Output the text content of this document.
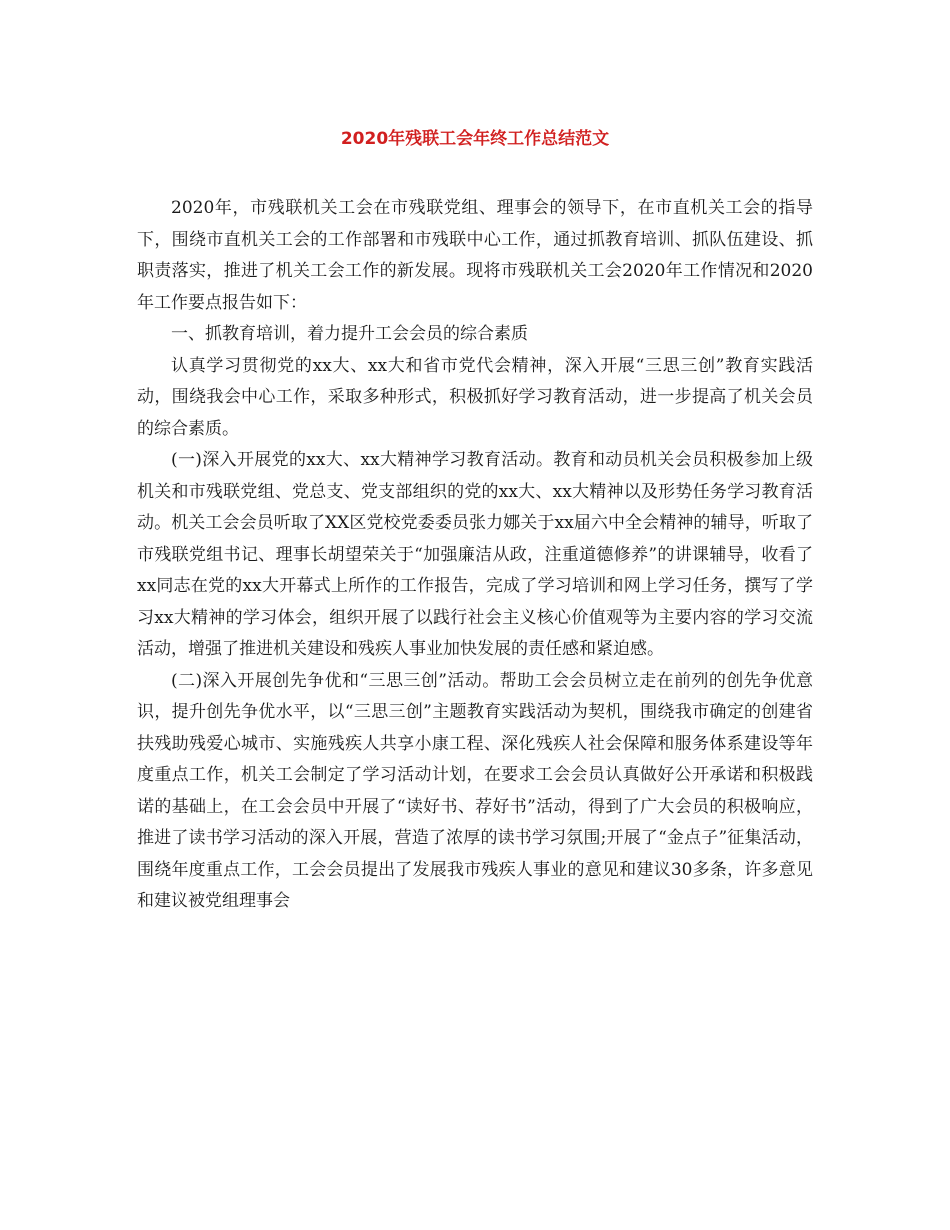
2020年残联工会年终工作总结范文

2020年，市残联机关工会在市残联党组、理事会的领导下，在市直机关工会的指导下，围绕市直机关工会的工作部署和市残联中心工作，通过抓教育培训、抓队伍建设、抓职责落实，推进了机关工会工作的新发展。现将市残联机关工会2020年工作情况和2020年工作要点报告如下：

一、抓教育培训，着力提升工会会员的综合素质

认真学习贯彻党的xx大、xx大和省市党代会精神，深入开展“三思三创”教育实践活动，围绕我会中心工作，采取多种形式，积极抓好学习教育活动，进一步提高了机关会员的综合素质。

(一)深入开展党的xx大、xx大精神学习教育活动。教育和动员机关会员积极参加上级机关和市残联党组、党总支、党支部组织的党的xx大、xx大精神以及形势任务学习教育活动。机关工会会员听取了XX区党校党委委员张力娜关于xx届六中全会精神的辅导，听取了市残联党组书记、理事长胡望荣关于“加强廉洁从政，注重道德修养”的讲课辅导，收看了xx同志在党的xx大开幕式上所作的工作报告，完成了学习培训和网上学习任务，撰写了学习xx大精神的学习体会，组织开展了以践行社会主义核心价值观等为主要内容的学习交流活动，增强了推进机关建设和残疾人事业加快发展的责任感和紧迫感。

(二)深入开展创先争优和“三思三创”活动。帮助工会会员树立走在前列的创先争优意识，提升创先争优水平，以“三思三创”主题教育实践活动为契机，围绕我市确定的创建省扶残助残爱心城市、实施残疾人共享小康工程、深化残疾人社会保障和服务体系建设等年度重点工作，机关工会制定了学习活动计划，在要求工会会员认真做好公开承诺和积极践诺的基础上，在工会会员中开展了“读好书、荐好书”活动，得到了广大会员的积极响应，推进了读书学习活动的深入开展，营造了浓厚的读书学习氛围;开展了“金点子”征集活动，围绕年度重点工作，工会会员提出了发展我市残疾人事业的意见和建议30多条，许多意见和建议被党组理事会
